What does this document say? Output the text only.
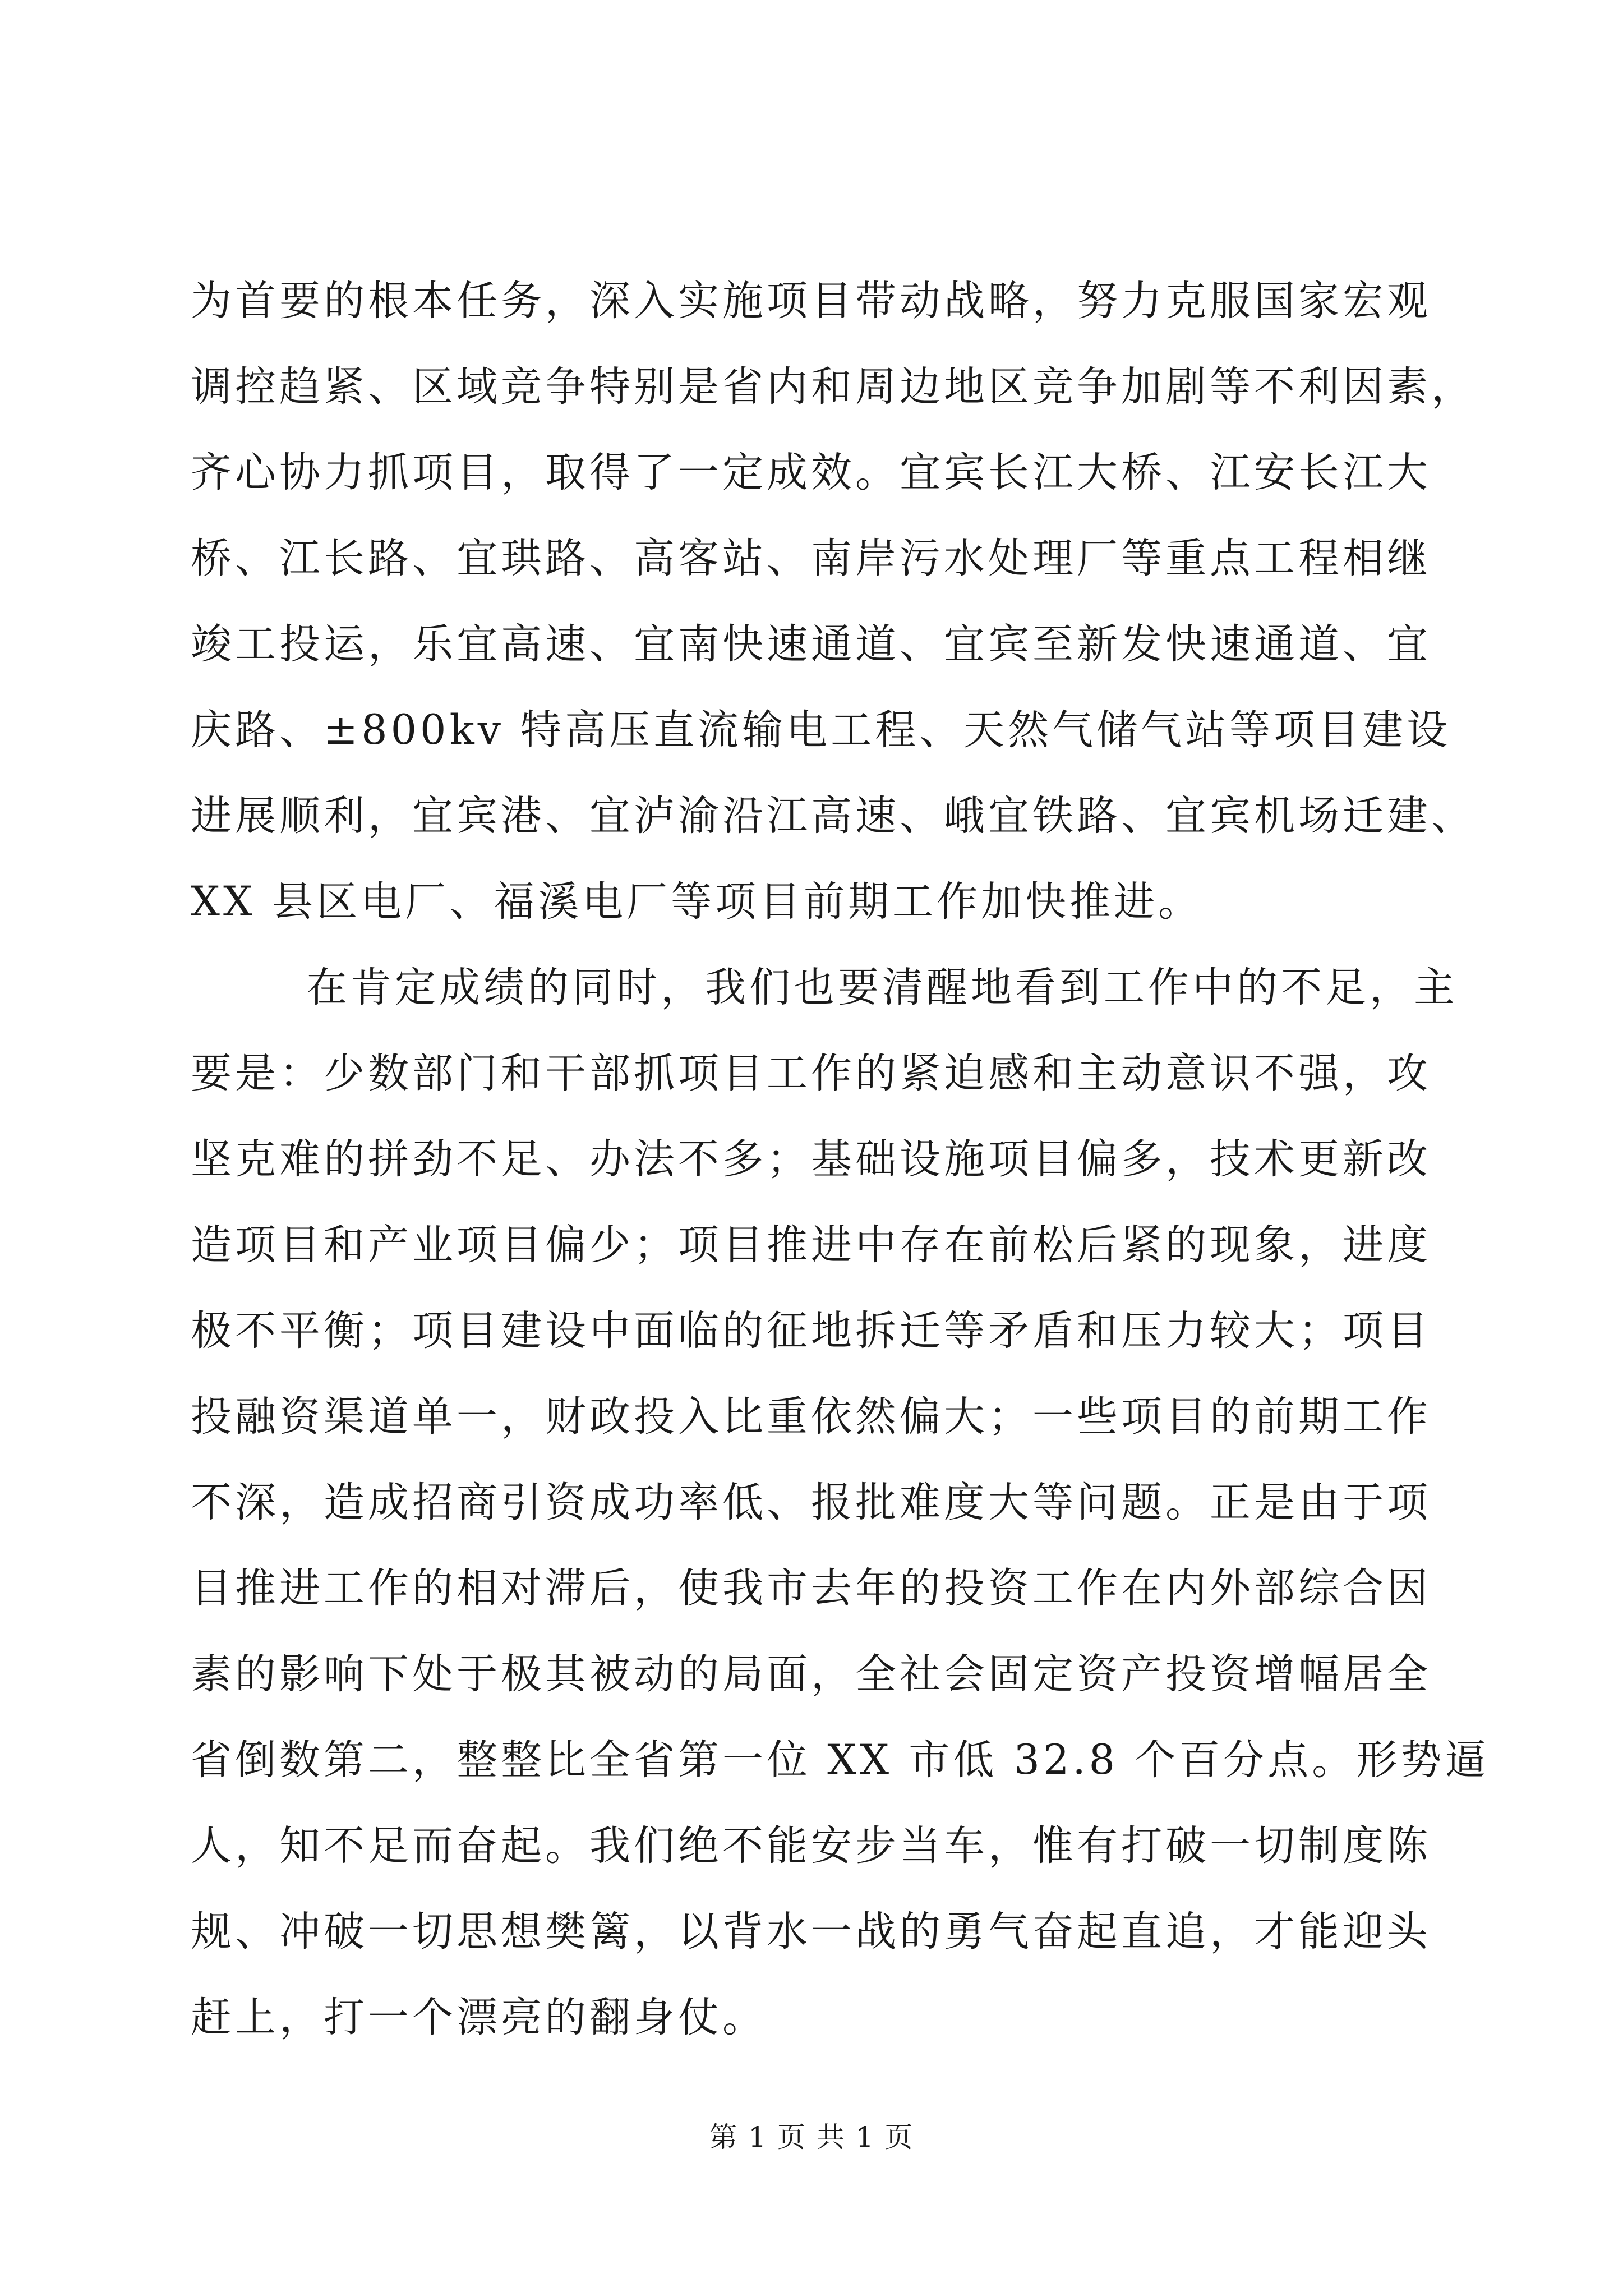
为首要的根本任务，深入实施项目带动战略，努力克服国家宏观
调控趋紧、区域竞争特别是省内和周边地区竞争加剧等不利因素，
齐心协力抓项目，取得了一定成效。宜宾长江大桥、江安长江大
桥、江长路、宜珙路、高客站、南岸污水处理厂等重点工程相继
竣工投运，乐宜高速、宜南快速通道、宜宾至新发快速通道、宜
庆路、±800kv 特高压直流输电工程、天然气储气站等项目建设
进展顺利，宜宾港、宜泸渝沿江高速、峨宜铁路、宜宾机场迁建、
XX 县区电厂、福溪电厂等项目前期工作加快推进。
在肯定成绩的同时，我们也要清醒地看到工作中的不足，主
要是：少数部门和干部抓项目工作的紧迫感和主动意识不强，攻
坚克难的拼劲不足、办法不多；基础设施项目偏多，技术更新改
造项目和产业项目偏少；项目推进中存在前松后紧的现象，进度
极不平衡；项目建设中面临的征地拆迁等矛盾和压力较大；项目
投融资渠道单一，财政投入比重依然偏大；一些项目的前期工作
不深，造成招商引资成功率低、报批难度大等问题。正是由于项
目推进工作的相对滞后，使我市去年的投资工作在内外部综合因
素的影响下处于极其被动的局面，全社会固定资产投资增幅居全
省倒数第二，整整比全省第一位 XX 市低 32.8 个百分点。形势逼
人，知不足而奋起。我们绝不能安步当车，惟有打破一切制度陈
规、冲破一切思想樊篱，以背水一战的勇气奋起直追，才能迎头
赶上，打一个漂亮的翻身仗。
第 1 页 共 1 页
